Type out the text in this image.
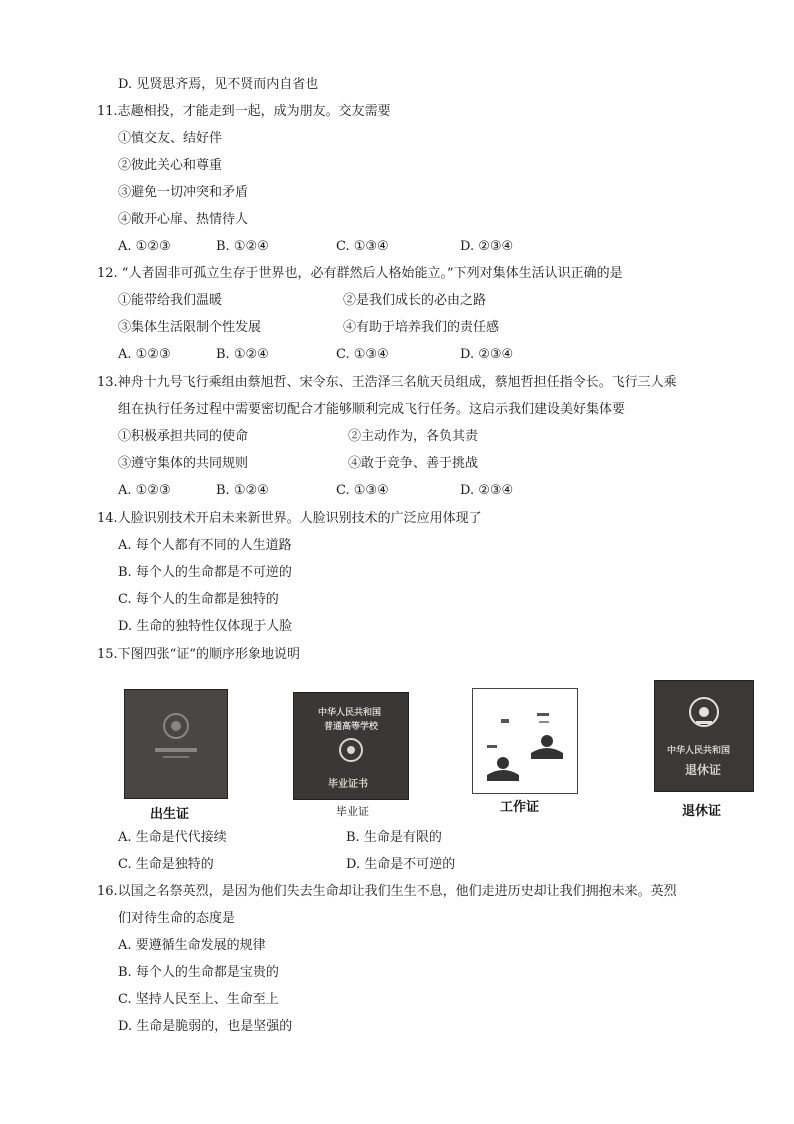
D. 见贤思齐焉，见不贤而内自省也
11.志趣相投，才能走到一起，成为朋友。交友需要
①慎交友、结好伴
②彼此关心和尊重
③避免一切冲突和矛盾
④敞开心扉、热情待人
A. ①②③	B. ①②④	C. ①③④	D. ②③④
12. “人者固非可孤立生存于世界也，必有群然后人格始能立。”下列对集体生活认识正确的是
①能带给我们温暖	②是我们成长的必由之路
③集体生活限制个性发展	④有助于培养我们的责任感
A. ①②③	B. ①②④	C. ①③④	D. ②③④
13.神舟十九号飞行乘组由蔡旭哲、宋令东、王浩泽三名航天员组成，蔡旭哲担任指令长。飞行三人乘
组在执行任务过程中需要密切配合才能够顺利完成飞行任务。这启示我们建设美好集体要
①积极承担共同的使命	②主动作为，各负其责
③遵守集体的共同规则	④敢于竞争、善于挑战
A. ①②③	B. ①②④	C. ①③④	D. ②③④
14.人脸识别技术开启未来新世界。人脸识别技术的广泛应用体现了
A. 每个人都有不同的人生道路
B. 每个人的生命都是不可逆的
C. 每个人的生命都是独特的
D. 生命的独特性仅体现于人脸
15.下图四张“证”的顺序形象地说明
出生证
中华人民共和国
普通高等学校
毕业证书
毕业证	工作证
中华人民共和国
退休证
退休证
A. 生命是代代接续	B. 生命是有限的
C. 生命是独特的	D. 生命是不可逆的
16.以国之名祭英烈，是因为他们失去生命却让我们生生不息，他们走进历史却让我们拥抱未来。英烈
们对待生命的态度是
A. 要遵循生命发展的规律
B. 每个人的生命都是宝贵的
C. 坚持人民至上、生命至上
D. 生命是脆弱的，也是坚强的
